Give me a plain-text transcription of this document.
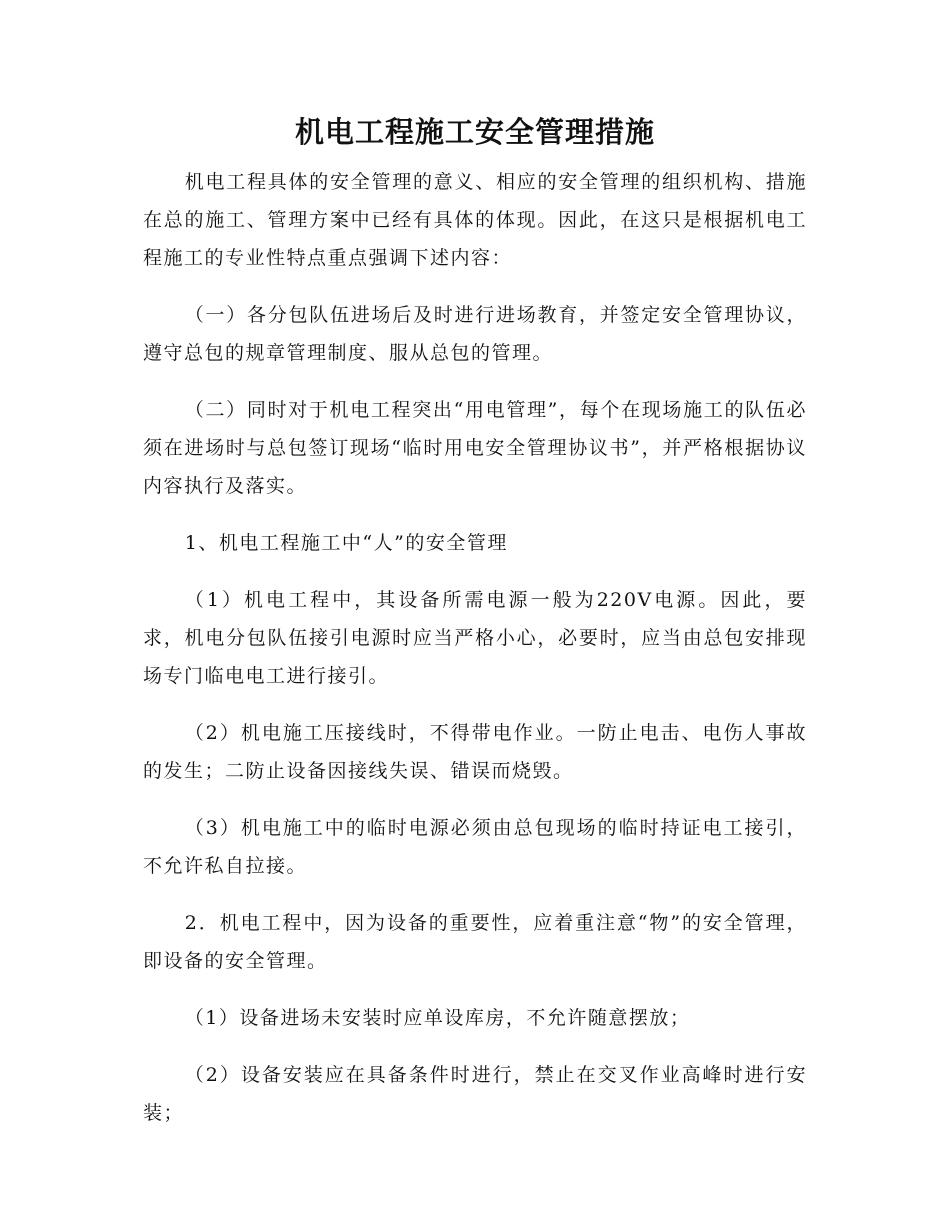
机电工程施工安全管理措施

机电工程具体的安全管理的意义、相应的安全管理的组织机构、措施在总的施工、管理方案中已经有具体的体现。因此，在这只是根据机电工程施工的专业性特点重点强调下述内容：

（一）各分包队伍进场后及时进行进场教育，并签定安全管理协议，遵守总包的规章管理制度、服从总包的管理。

（二）同时对于机电工程突出“用电管理”，每个在现场施工的队伍必须在进场时与总包签订现场“临时用电安全管理协议书”，并严格根据协议内容执行及落实。

1、机电工程施工中“人”的安全管理

（1）机电工程中，其设备所需电源一般为220V电源。因此，要求，机电分包队伍接引电源时应当严格小心，必要时，应当由总包安排现场专门临电电工进行接引。

（2）机电施工压接线时，不得带电作业。一防止电击、电伤人事故的发生；二防止设备因接线失误、错误而烧毁。

（3）机电施工中的临时电源必须由总包现场的临时持证电工接引，不允许私自拉接。

2．机电工程中，因为设备的重要性，应着重注意“物”的安全管理，即设备的安全管理。

（1）设备进场未安装时应单设库房，不允许随意摆放；

（2）设备安装应在具备条件时进行，禁止在交叉作业高峰时进行安装；
